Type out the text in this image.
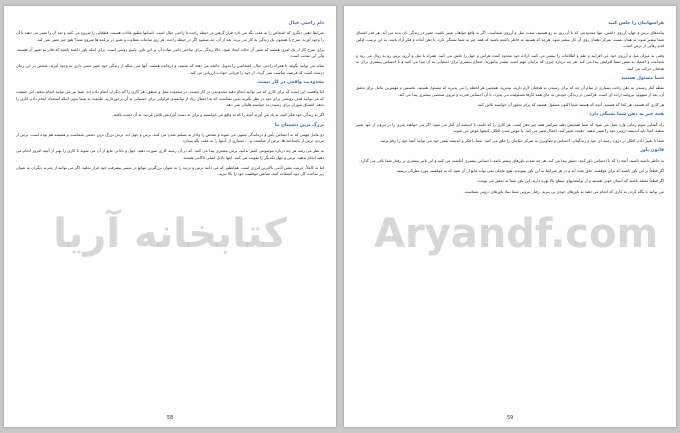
دام راحتی خیال
شرایط ذهنی دیگری که اشخاص را به عقب نگه می دارد قرار گرفتن در حیطه راحت یا راحتی خیال است. انسانها مطیع عادات هستند. قطعاتی را شروع می کنند و بعد آن را تغییر می دهند تا آن را وجود آورند. شرح یا همچون یک زندگی به کار می برند. بعد از آن، چه میشود اگر در حیطه راحت، هر روز ساعات متفاوت و تغییر در برنامه ها شروع نشد؟ هیچ چیز تغییر نمی کند.
برای شرح کار از یک امری هستند که تغییر آن حالت ایجاد شود. حالا زندگی برای ساختن دامی ساده آن بر این باور. پاسخ روشن است: برای اینکه باور داشته باشید که قادر به تغییر آن هستید. ولی این سخت است.
شاید می توانید بگوئید با همراه راحتی خیال، اشخاصی را تحویل جامعه می دهند که ضعیف و درمانده هستند. آنها سی ساله از زندگی خود تغییر معنی داری به وجود آورند. شخص در این زمان درست است که فرصت مناسب نمی گردد. از خود را قربانی حوادث ارزیابی می کند.
محدودیت واقعی در کار نیست
اما واقعیت این است که برای کاری که می توانید انجام دهید محدودیتی در کار نیست. در محدوده عقل و منطق، هر کاری را که دیگران انجام داده اند، شما نیز می توانید انجام بدهید. این حقیقت که می توانید هدف روشنی برای خود در نظر بگیرید بدین معناست که به احتمال زیاد از توانمندی فراوانی برای دستیابی به آن برخوردارید. طبیعت به شما بدون اینکه استعداد انجام دادن کاری را بدهد، اشتیاق سوزان برای رسیدن به خواسته هایتان نمی دهد.
اگر به زندگی خود فکر کنید، به یاد می آورید آنچه را که به واقع می خواستید و برای به دست آوردنش تلاش کردید، به آن دست یافتید.
بزرگ ترین دشمنان ما
دو عامل مهمی که به احساس یأس و درماندگی منتهی می شوند و شخص را وادار به تسلیم شدن می کنند، ترس و جهل اند. ترس بزرگ ترین دشمن شماست و همیشه هم بوده است. ترس از مردم، ترس از ناشناخته ها، ترس از شکست و ... بسیاری از آدمها را به عقب نگه میدارد.
به نظر می رسد هر چه درباره موضوعی کمتر بدانید، ترس بیشتری پیدا می کنید. که در آن زمینه کاری صورت دهید. جهل و نادانی مانع از آن می شوند تا کاری را بهتر از آنچه امروز انجام می دهید انجام بدهید. ترس و جهل یکدیگر را تقویت می کنند. اینها دلایل اصلی ناکامی هستند.
اما نه کاملاً، حرمت نفس آدمی بالاترین انرژی است. همانطور که می دانید ترس و تردید را به عنوان بزرگترین موانع در مسیر پیشرفت خود قرار ندهید. اگر می توانید از تجربه دیگران به عنوان زیر ساخت کار خود استفاده کنید، شانس موفقیت خود را بالا ببرید.
کتابخانه آریا
58
هراسهایتان را حلش کنید
پیامدهای ترس و جهل، آرزوی داشتن، تنها محدودیتی که تا آن روز به رو هستید، شدت میل و آرزوی شماست. اگر به واقع خواهان تغییر باشید، تغییر در زندگی تان پدید می آید. هر قدر اشتیاق شما بیشتر شود، به همان نسبت تمرکز ذهنتان روی آن کار بیشتر شود. هرچه که هستید به خاطر داشته باشید که همه چیز به شما بستگی دارد. تا ذهن آماده و فکر آزاد باشد. به این ترتیب، اولین قدم رهایی از ترس است.
وقتی به میزان میل و آرزوی خود می افزایید و علم و اطلاعات را بیشتر می کنید، اراده خود محدود کننده هراس و جهل را حلش می کنید. همراه با میل و آرزو، ترس رو به زوال می رود و شجاعت و اعتماد به نفس شما افزایش پیدا می کند. هر چه درباره چیزی که برایتان مهم است بیشتر بیاموزید، شجاع بیشتری برای دستیابی به آن پیدا می کنید و با احساس بیشتری برای به هدفتان حرکت می کنید.
شما مسئول هستید
نقطه آغاز رسیدن به ذهن راحت بسیاری از تمام آن چه که برای رسیدن به هدفتان لازم دارید، بپذیرید. همچنین هر لحظه را می پذیرید که مسئول هستید. نخستین و مهمترین عامل برای تحقق آن، بعد از مفهوم، نیرومند اراده ای است. هرکسی در زندگی خودش به جای همه کارها مسئولیت می پذیرد، با آن احساس قدرت و نیروی شخصی بیشتری پیدا می کند.
هر کاری که هستید، هر کجا که هستید، آنچه که هستید شما اکنون مسئول هستید که برای تحقق آن خواسته تلاش کنید.
همه چیز به ذهن شما بستگی دارد
راه گشایی سوم زمانی وارد عمل می شود که شما تشخیص دهید سراسر همه چیز ذهن است. هر کاری را که بکنید، با اندیشه ای آغاز می شود. اگر می خواهید چیزی را در بیرون از خود تغییر بدهید، ابتدا باید اندیشه درونی خود را تغییر بدهید. ذهنیت تغییر کند، اعمال تغییر می کند. با عوض شدن افکار، کنشها عوض می شوند.
شما با تغییر دادن افکار در درون زمینه ای خود و زندگیتان، احساس و تصاویری به تمرکز دنیایتان را خلق می کنید. شما با فکر و اندیشه نقش خود می توانید آنچه خود را رقم بزنید.
قانون باور
به خاطر داشته باشید، آنچه را که با احساس باور کنید، تحقق پیدا می کند. هر چه شدت باورهای بیشتر باشد، احساس بیشتری انباشت می کنید و این تاثیر بیشتری بر رفتار شما باقی می گذارد.
اگر قطعاً بر این باور باشید که برای موفقیت خلق شده اید و در هر شرایط به این باور بپیوندید، هیچ عاملی نمی تواند مانع از آن شود که به موفقیت مورد نظرتان برسید.
اگر قطعاً معتقد باشید که انسان خوبی هستید و از توانمندیهای سطح بالا بهره دارید، این باور شما به تحقق می پیوندد.
می توانید با نگاه کردن به کاری که انجام می دهید به باورهای خودی پی ببرید. رفتار بیرونی شما بنیاد باورهای درونی شماست.
Aryandf.com
59
